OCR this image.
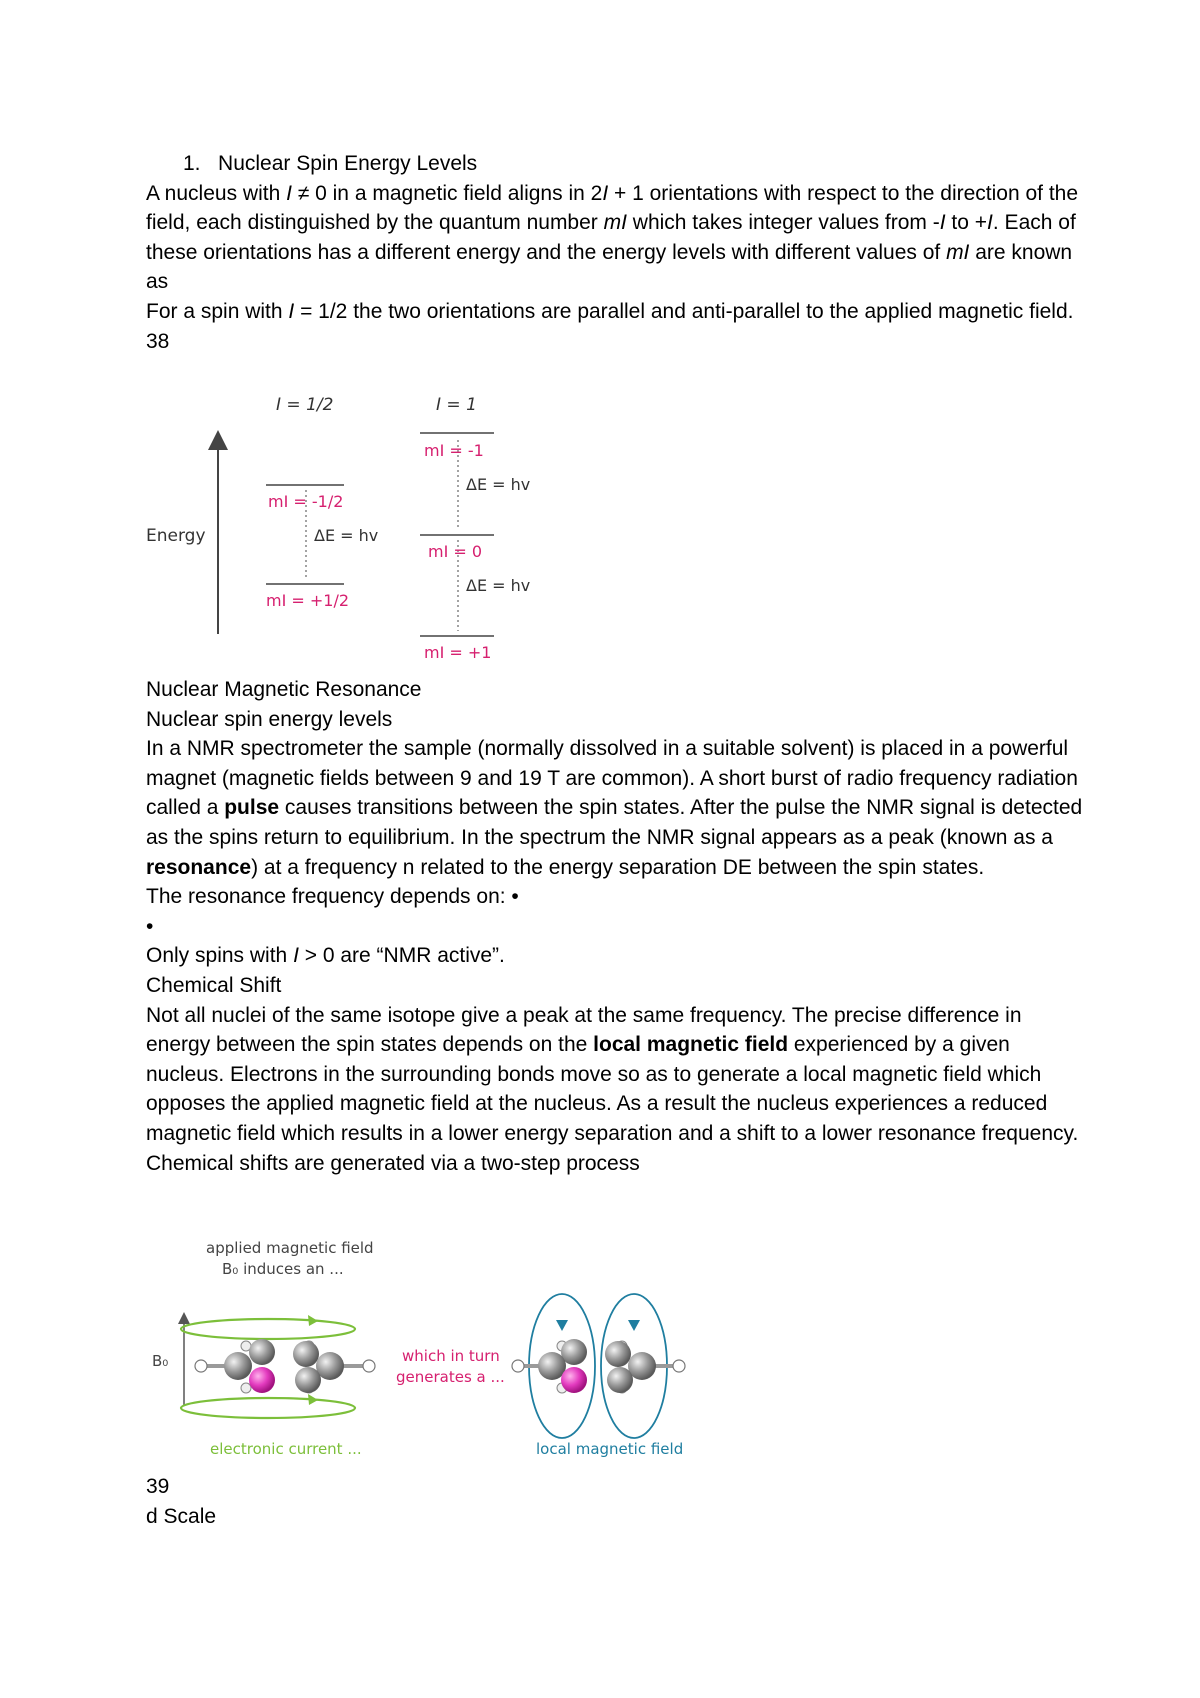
1. Nuclear Spin Energy Levels

A nucleus with I ≠ 0 in a magnetic field aligns in 2I + 1 orientations with respect to the direction of the field, each distinguished by the quantum number mI which takes integer values from -I to +I. Each of these orientations has a different energy and the energy levels with different values of mI are known as

For a spin with I = 1/2 the two orientations are parallel and anti-parallel to the applied magnetic field.

38

I = 1/2	I = 1
Energy
mI = -1/2
mI = +1/2
ΔE = hv
mI = -1
mI = 0
mI = +1
ΔE = hv
ΔE = hv

Nuclear Magnetic Resonance

Nuclear spin energy levels

In a NMR spectrometer the sample (normally dissolved in a suitable solvent) is placed in a powerful magnet (magnetic fields between 9 and 19 T are common). A short burst of radio frequency radiation called a pulse causes transitions between the spin states. After the pulse the NMR signal is detected as the spins return to equilibrium. In the spectrum the NMR signal appears as a peak (known as a resonance) at a frequency n related to the energy separation DE between the spin states.

The resonance frequency depends on: •

•

Only spins with I > 0 are “NMR active”.

Chemical Shift

Not all nuclei of the same isotope give a peak at the same frequency. The precise difference in energy between the spin states depends on the local magnetic field experienced by a given nucleus. Electrons in the surrounding bonds move so as to generate a local magnetic field which opposes the applied magnetic field at the nucleus. As a result the nucleus experiences a reduced magnetic field which results in a lower energy separation and a shift to a lower resonance frequency.

Chemical shifts are generated via a two-step process

applied magnetic field
B₀ induces an ...
B₀	which in turn
generates a ...
electronic current ...	local magnetic field

39

d Scale
